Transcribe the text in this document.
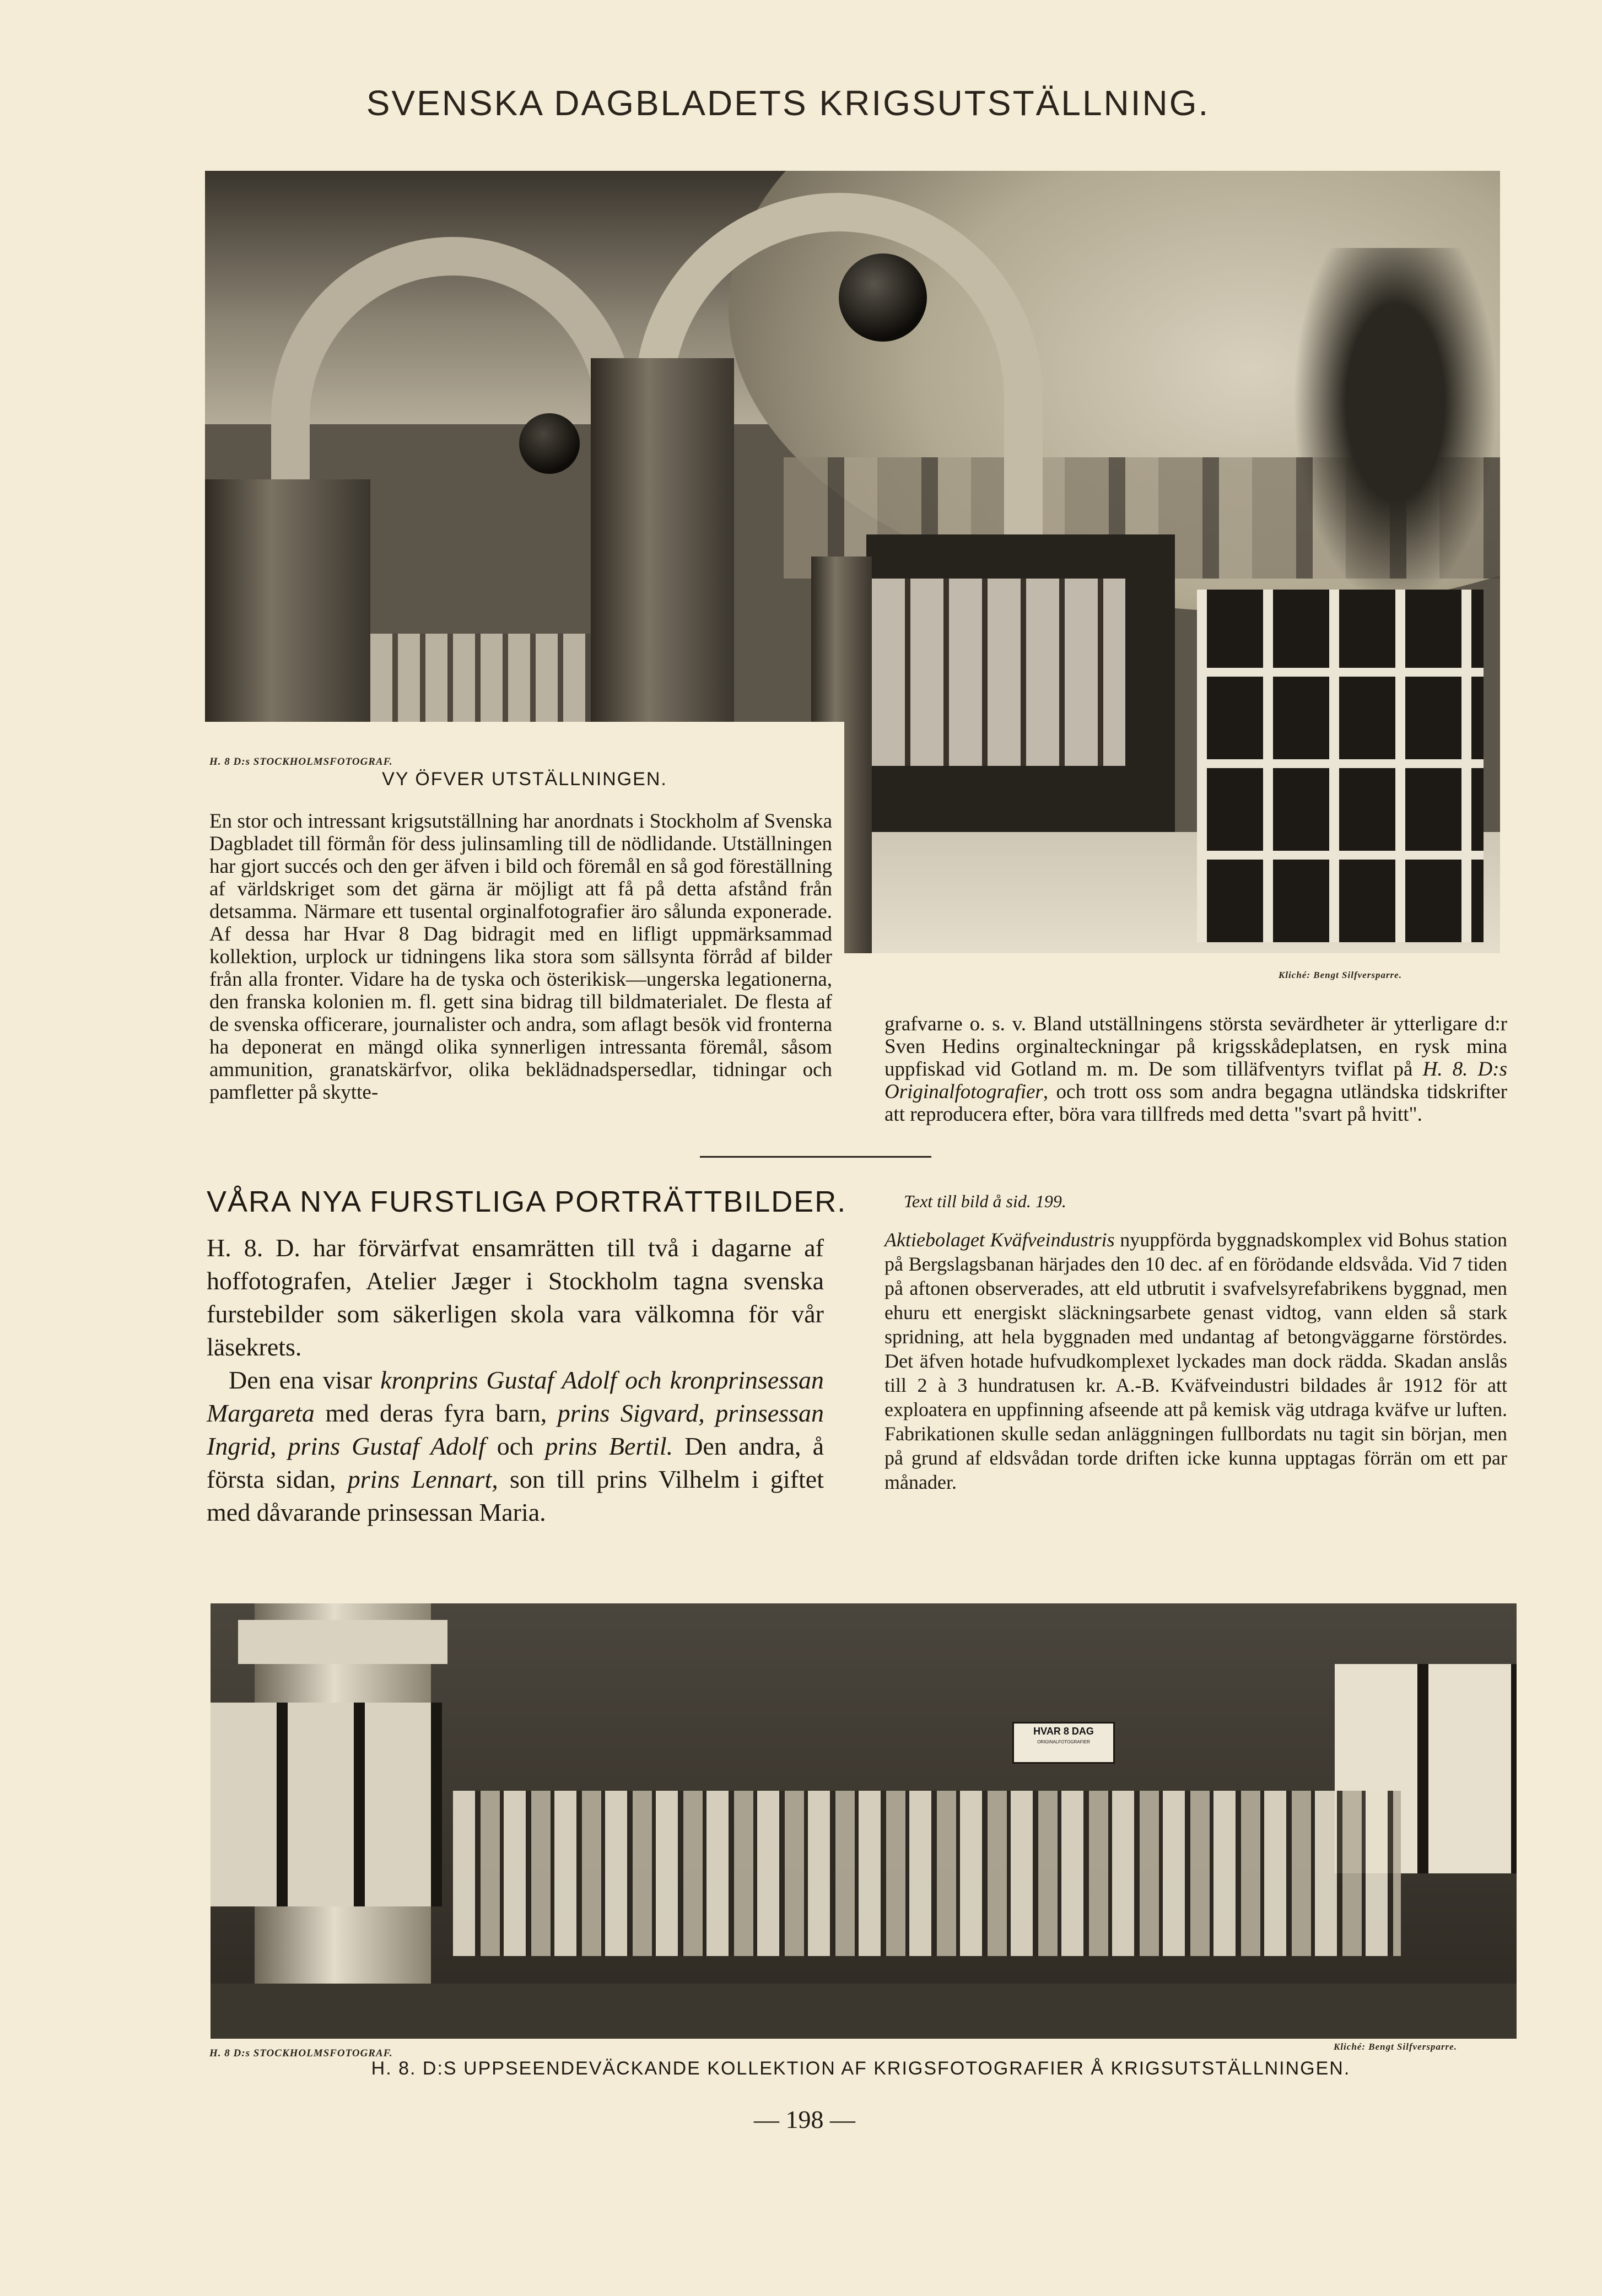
SVENSKA DAGBLADETS KRIGSUTSTÄLLNING.
H. 8 D:s STOCKHOLMSFOTOGRAF.
Kliché: Bengt Silfversparre.
VY ÖFVER UTSTÄLLNINGEN.

En stor och intressant krigsutställning har anordnats i Stockholm af Svenska Dagbladet till förmån för dess julinsamling till de nödlidande. Utställningen har gjort succés och den ger äfven i bild och föremål en så god föreställning af världskriget som det gärna är möjligt att få på detta afstånd från detsamma. Närmare ett tusental orginalfotografier äro sålunda exponerade. Af dessa har Hvar 8 Dag bidragit med en lifligt uppmärksammad kollektion, urplock ur tidningens lika stora som sällsynta förråd af bilder från alla fronter. Vidare ha de tyska och österikisk—ungerska legationerna, den franska kolonien m. fl. gett sina bidrag till bildmaterialet. De flesta af de svenska officerare, journalister och andra, som aflagt besök vid fronterna ha deponerat en mängd olika synnerligen intressanta föremål, såsom ammunition, granatskärfvor, olika beklädnadspersedlar, tidningar och pamfletter på skytte-

grafvarne o. s. v. Bland utställningens största sevärdheter är ytterligare d:r Sven Hedins orginalteckningar på krigsskådeplatsen, en rysk mina uppfiskad vid Gotland m. m. De som tilläfventyrs tviflat på H. 8. D:s Originalfotografier, och trott oss som andra begagna utländska tidskrifter att reproducera efter, böra vara tillfreds med detta "svart på hvitt".

VÅRA NYA FURSTLIGA PORTRÄTTBILDER.

H. 8. D. har förvärfvat ensamrätten till två i dagarne af hoffotografen, Atelier Jæger i Stockholm tagna svenska furstebilder som säkerligen skola vara välkomna för vår läsekrets.

Den ena visar kronprins Gustaf Adolf och kronprinsessan Margareta med deras fyra barn, prins Sigvard, prinsessan Ingrid, prins Gustaf Adolf och prins Bertil. Den andra, å första sidan, prins Lennart, son till prins Vilhelm i giftet med dåvarande prinsessan Maria.

Text till bild å sid. 199.
Aktiebolaget Kväfveindustris nyuppförda byggnadskomplex vid Bohus station på Bergslagsbanan härjades den 10 dec. af en förödande eldsvåda. Vid 7 tiden på aftonen observerades, att eld utbrutit i svafvelsyrefabrikens byggnad, men ehuru ett energiskt släckningsarbete genast vidtog, vann elden så stark spridning, att hela byggnaden med undantag af betongväggarne förstördes. Det äfven hotade hufvudkomplexet lyckades man dock rädda. Skadan anslås till 2 à 3 hundratusen kr. A.-B. Kväfveindustri bildades år 1912 för att exploatera en uppfinning afseende att på kemisk väg utdraga kväfve ur luften. Fabrikationen skulle sedan anläggningen fullbordats nu tagit sin början, men på grund af eldsvådan torde driften icke kunna upptagas förrän om ett par månader.
HVAR 8 DAG
ORIGINALFOTOGRAFIER
H. 8 D:s STOCKHOLMSFOTOGRAF.
Kliché: Bengt Silfversparre.
H. 8. D:S UPPSEENDEVÄCKANDE KOLLEKTION AF KRIGSFOTOGRAFIER Å KRIGSUTSTÄLLNINGEN.
— 198 —
